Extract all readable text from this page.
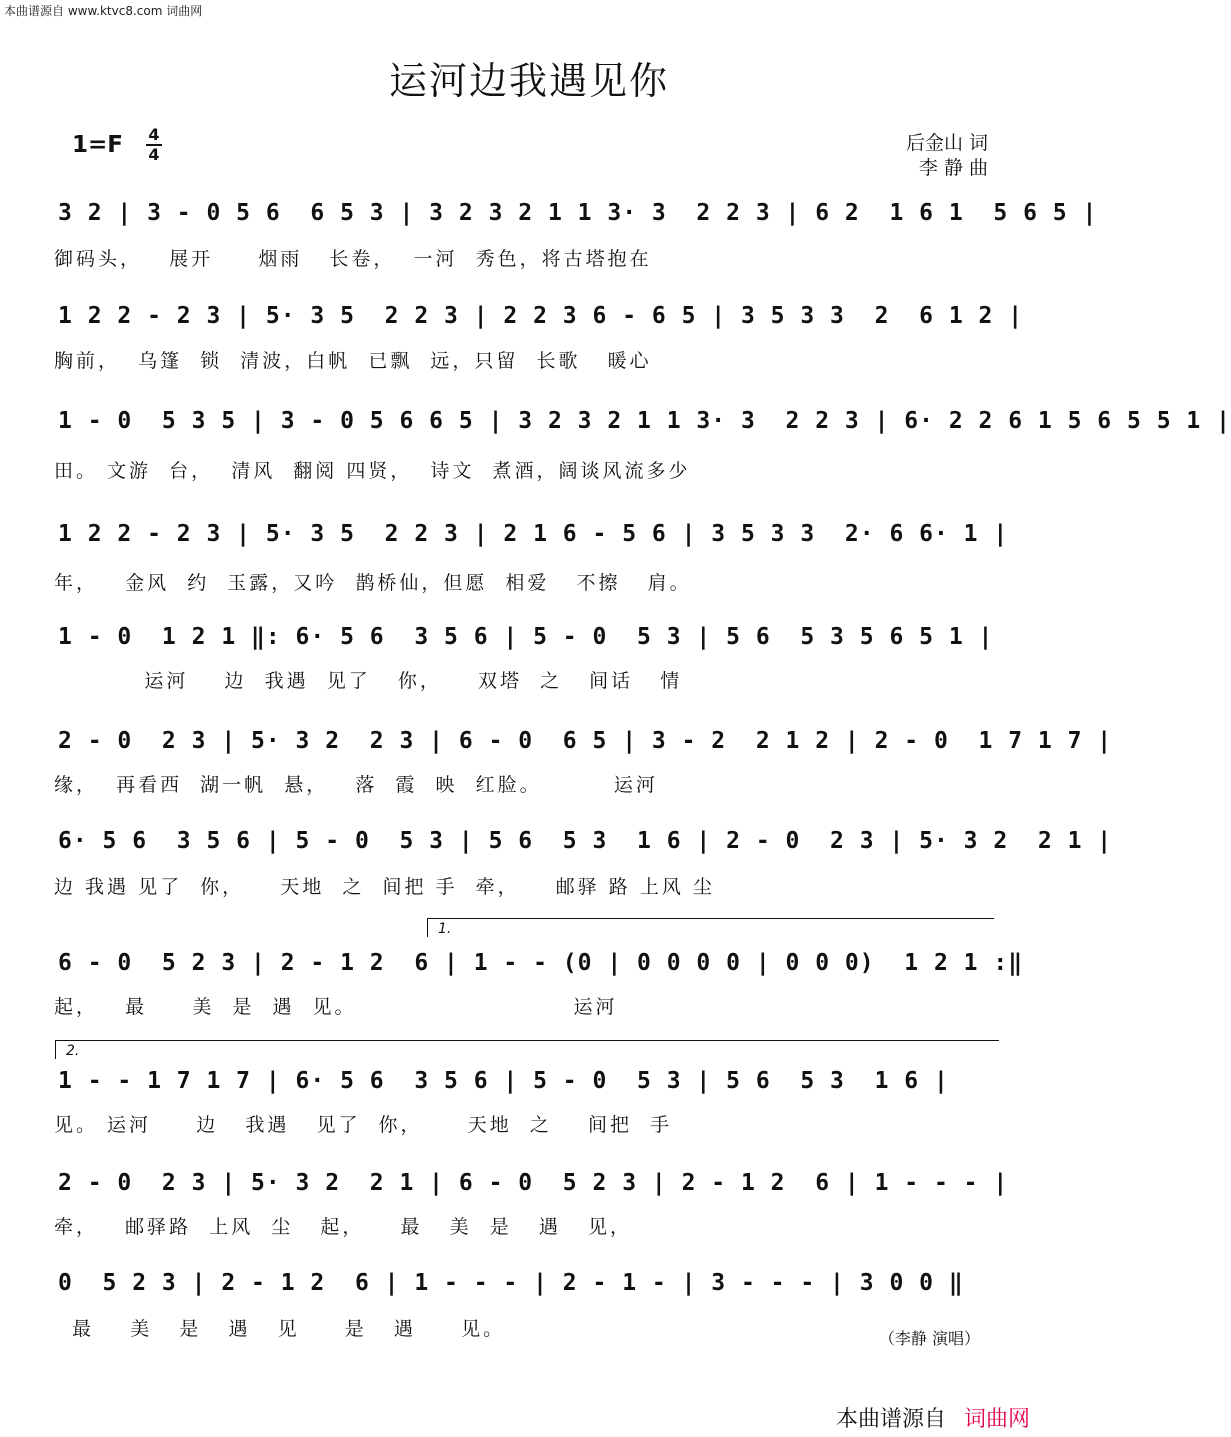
本曲谱源自 www.ktvc8.com 词曲网
运河边我遇见你
1=F 4
4
后金山 词
李 静 曲
3 2 | 3 - 0 5 6  6 5 3 | 3 2 3 2 1 1 3· 3  2 2 3 | 6 2  1 6 1  5 6 5 |
御码头，   展开     烟雨   长卷，  一河  秀色，将古塔抱在
1 2 2 - 2 3 | 5· 3 5  2 2 3 | 2 2 3 6 - 6 5 | 3 5 3 3  2  6 1 2 |
胸前，  乌篷  锁  清波，白帆  已飘  远，只留  长歌   暖心
1 - 0  5 3 5 | 3 - 0 5 6 6 5 | 3 2 3 2 1 1 3· 3  2 2 3 | 6· 2 2 6 1 5 6 5 5 1 |
田。 文游  台，  清风  翻阅 四贤，  诗文  煮酒，阔谈风流多少
1 2 2 - 2 3 | 5· 3 5  2 2 3 | 2 1 6 - 5 6 | 3 5 3 3  2· 6 6· 1 |
年，   金风  约  玉露，又吟  鹊桥仙，但愿  相爱   不擦   肩。
1 - 0  1 2 1 ‖: 6· 5 6  3 5 6 | 5 - 0  5 3 | 5 6  5 3 5 6 5 1 |
运河    边  我遇  见了   你，    双塔  之   间话   情
2 - 0  2 3 | 5· 3 2  2 3 | 6 - 0  6 5 | 3 - 2  2 1 2 | 2 - 0  1 7 1 7 |
缘，  再看西  湖一帆  悬，   落  霞  映  红脸。        运河
6· 5 6  3 5 6 | 5 - 0  5 3 | 5 6  5 3  1 6 | 2 - 0  2 3 | 5· 3 2  2 1 |
边 我遇 见了  你，    天地  之  间把 手  牵，    邮驿 路 上风 尘
6 - 0  5 2 3 | 2 - 1 2  6 | 1 - - (0 | 0 0 0 0 | 0 0 0)  1 2 1 :‖
起，   最     美  是  遇  见。                        运河
1 - - 1 7 1 7 | 6· 5 6  3 5 6 | 5 - 0  5 3 | 5 6  5 3  1 6 |
见。 运河     边   我遇   见了  你，     天地  之    间把  手
2 - 0  2 3 | 5· 3 2  2 1 | 6 - 0  5 2 3 | 2 - 1 2  6 | 1 - - - |
牵，   邮驿路  上风  尘   起，    最   美  是   遇   见，
0  5 2 3 | 2 - 1 2  6 | 1 - - - | 2 - 1 - | 3 - - - | 3 0 0 ‖
最    美   是   遇   见     是   遇     见。
1.
2.
（李静 演唱）
本曲谱源自 词曲网
